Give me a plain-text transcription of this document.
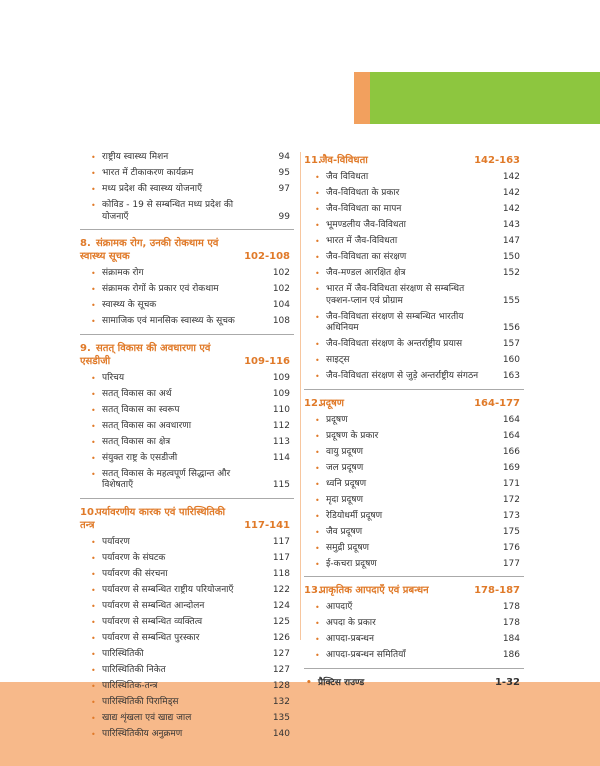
• राष्ट्रीय स्वास्थ्य मिशन	94
• भारत में टीकाकरण कार्यक्रम	95
• मध्य प्रदेश की स्वास्थ्य योजनाएँ	97
• कोविड - 19 से सम्बन्धित मध्य प्रदेश की योजनाएँ	99
8. संक्रामक रोग, उनकी रोकथाम एवं स्वास्थ्य सूचक	102-108
• संक्रामक रोग	102
• संक्रामक रोगों के प्रकार एवं रोकथाम	102
• स्वास्थ्य के सूचक	104
• सामाजिक एवं मानसिक स्वास्थ्य के सूचक	108
9. सतत् विकास की अवधारणा एवं एसडीजी	109-116
• परिचय	109
• सतत् विकास का अर्थ	109
• सतत् विकास का स्वरूप	110
• सतत् विकास का अवधारणा	112
• सतत् विकास का क्षेत्र	113
• संयुक्त राष्ट्र के एसडीजी	114
• सतत् विकास के महत्वपूर्ण सिद्धान्त और विशेषताएँ	115
10.पर्यावरणीय कारक एवं पारिस्थितिकी तन्त्र	117-141
• पर्यावरण	117
• पर्यावरण के संघटक	117
• पर्यावरण की संरचना	118
• पर्यावरण से सम्बन्धित राष्ट्रीय परियोजनाएँ	122
• पर्यावरण से सम्बन्धित आन्दोलन	124
• पर्यावरण से सम्बन्धित व्यक्तित्व	125
• पर्यावरण से सम्बन्धित पुरस्कार	126
• पारिस्थितिकी	127
• पारिस्थितिकी निकेत	127
• पारिस्थितिक-तन्त्र	128
• पारिस्थितिकी पिरामिड्स	132
• खाद्य शृंखला एवं खाद्य जाल	135
• पारिस्थितिकीय अनुक्रमण	140
11.जैव-विविधता	142-163
• जैव विविधता	142
• जैव-विविधता के प्रकार	142
• जैव-विविधता का मापन	142
• भूमण्डलीय जैव-विविधता	143
• भारत में जैव-विविधता	147
• जैव-विविधता का संरक्षण	150
• जैव-मण्डल आरक्षित क्षेत्र	152
• भारत में जैव-विविधता संरक्षण से सम्बन्धित एक्शन-प्लान एवं प्रोग्राम	155
• जैव-विविधता संरक्षण से सम्बन्धित भारतीय अधिनियम	156
• जैव-विविधता संरक्षण के अन्तर्राष्ट्रीय प्रयास	157
• साइट्स	160
• जैव-विविधता संरक्षण से जुड़े अन्तर्राष्ट्रीय संगठन	163
12.प्रदूषण	164-177
• प्रदूषण	164
• प्रदूषण के प्रकार	164
• वायु प्रदूषण	166
• जल प्रदूषण	169
• ध्वनि प्रदूषण	171
• मृदा प्रदूषण	172
• रेडियोधर्मी प्रदूषण	173
• जैव प्रदूषण	175
• समुद्री प्रदूषण	176
• ई-कचरा प्रदूषण	177
13.प्राकृतिक आपदाएँ एवं प्रबन्धन	178-187
• आपदाएँ	178
• अपदा के प्रकार	178
• आपदा-प्रबन्धन	184
• आपदा-प्रबन्धन समितियाँ	186
• प्रैक्टिस राउण्ड	1-32
